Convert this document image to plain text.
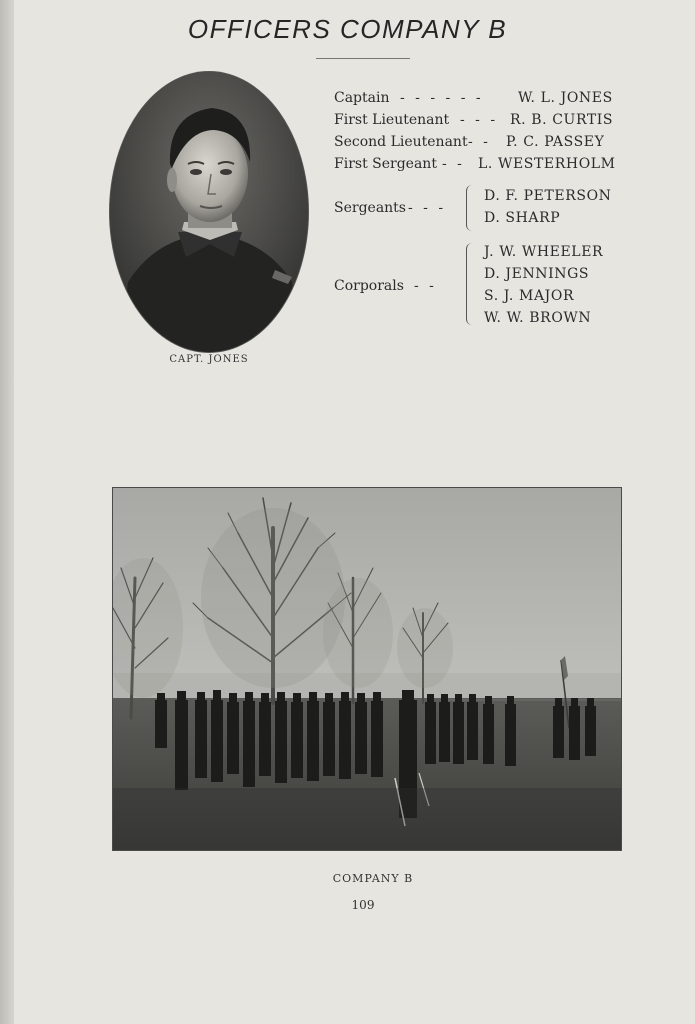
OFFICERS COMPANY B
CAPT. JONES
Captain - - - - - - W. L. JONES
First Lieutenant - - - R. B. CURTIS
Second Lieutenant - - P. C. PASSEY
First Sergeant - - L. WESTERHOLM
Sergeants - - -
D. F. PETERSON
D. SHARP
Corporals - -
J. W. WHEELER
D. JENNINGS
S. J. MAJOR
W. W. BROWN
COMPANY B
109
